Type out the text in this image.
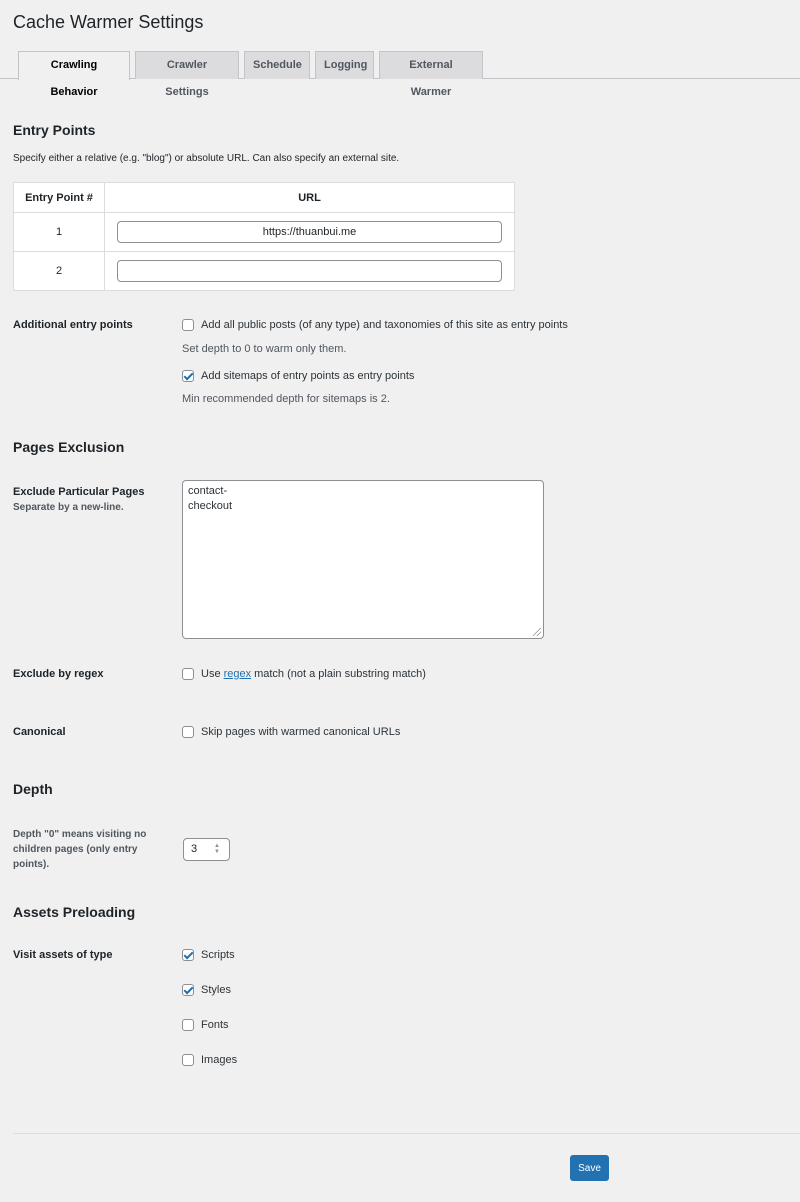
Cache Warmer Settings
Crawling Behavior
Crawler Settings
Schedule	Logging	External Warmer
Entry Points
Specify either a relative (e.g. "blog") or absolute URL. Can also specify an external site.
Entry Point #	URL
1	https://thuanbui.me
2	
Additional entry points	Add all public posts (of any type) and taxonomies of this site as entry points
Set depth to 0 to warm only them.
Add sitemaps of entry points as entry points
Min recommended depth for sitemaps is 2.
Pages Exclusion
Exclude Particular Pages
Separate by a new-line.
contact-
checkout
Exclude by regex	Use regex match (not a plain substring match)
Canonical	Skip pages with warmed canonical URLs
Depth
Depth "0" means visiting no children pages (only entry points).
3	▲
▼
Assets Preloading
Visit assets of type	Scripts
Styles
Fonts
Images
Save
